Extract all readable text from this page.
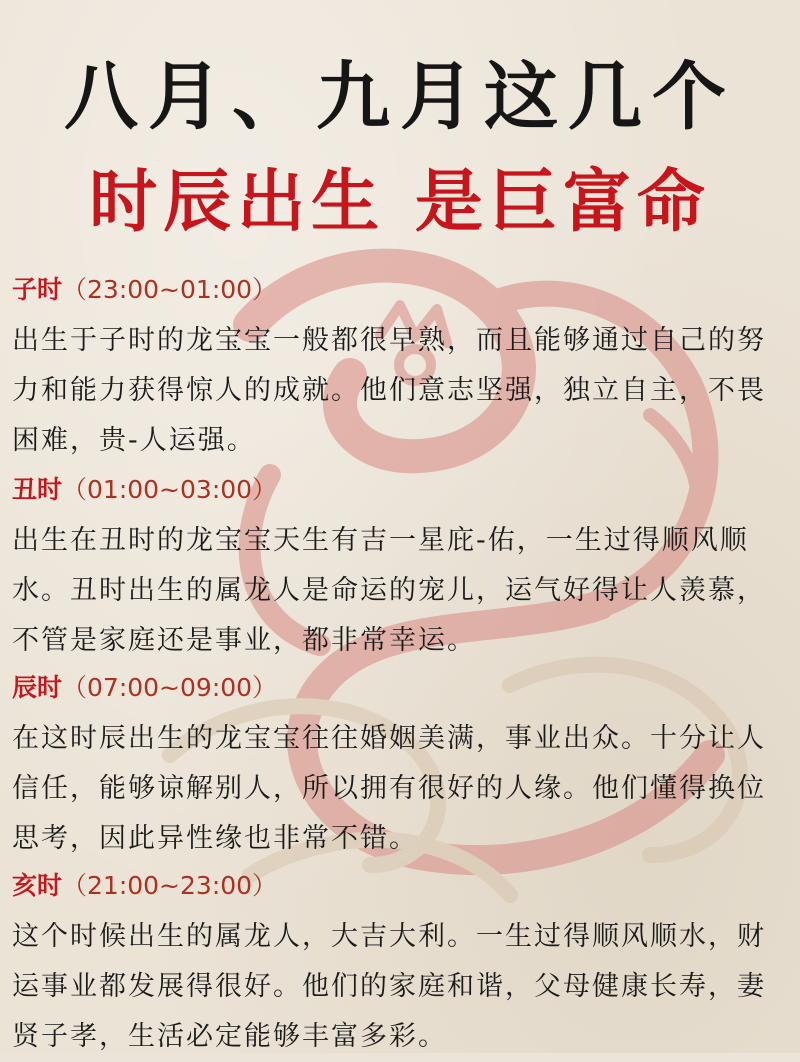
八月、九月这几个
时辰出生 是巨富命
子时（23:00~01:00）
出生于子时的龙宝宝一般都很早熟，而且能够通过自己的努力和能力获得惊人的成就。他们意志坚强，独立自主，不畏困难，贵-人运强。
丑时（01:00~03:00）
出生在丑时的龙宝宝天生有吉一星庇-佑，一生过得顺风顺水。丑时出生的属龙人是命运的宠儿，运气好得让人羡慕，不管是家庭还是事业，都非常幸运。
辰时（07:00~09:00）
在这时辰出生的龙宝宝往往婚姻美满，事业出众。十分让人信任，能够谅解别人，所以拥有很好的人缘。他们懂得换位思考，因此异性缘也非常不错。
亥时（21:00~23:00）
这个时候出生的属龙人，大吉大利。一生过得顺风顺水，财运事业都发展得很好。他们的家庭和谐，父母健康长寿，妻贤子孝，生活必定能够丰富多彩。
